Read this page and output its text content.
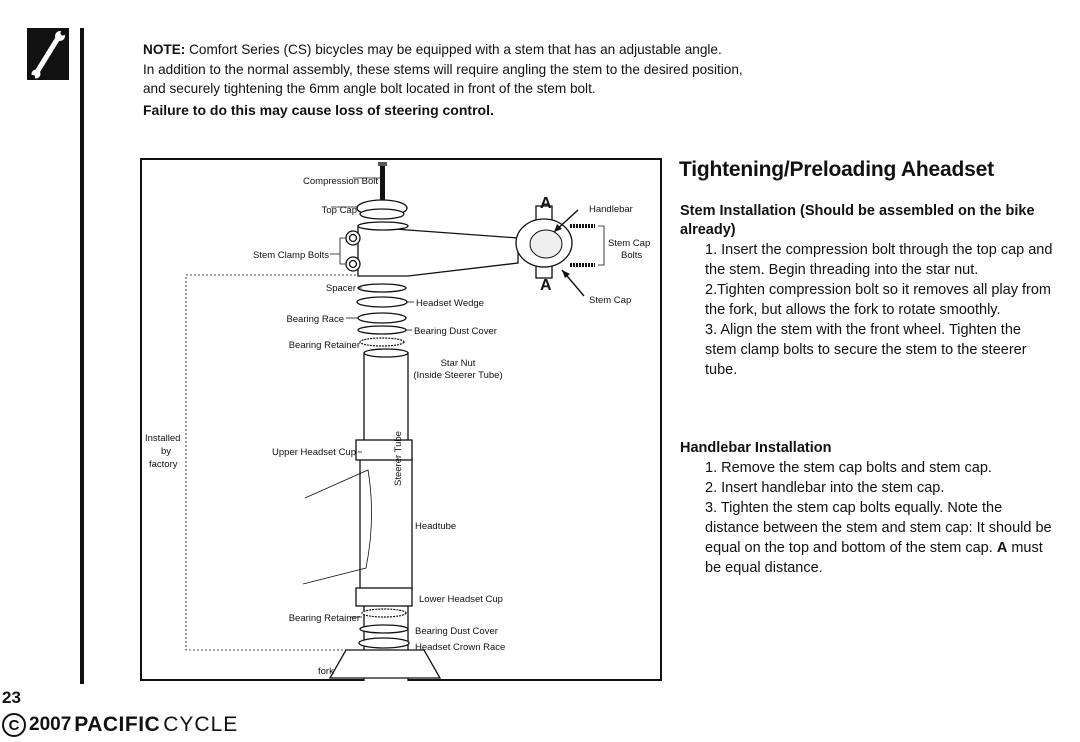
NOTE: Comfort Series (CS) bicycles may be equipped with a stem that has an adjustable angle.
In addition to the normal assembly, these stems will require angling the stem to the desired position,
and securely tightening the 6mm angle bolt located in front of the stem bolt.
Failure to do this may cause loss of steering control.
Compression Bolt
Top Cap
Stem Clamp Bolts
Spacer
Headset Wedge
Bearing Race
Bearing Dust Cover
Bearing Retainer
Star Nut
(Inside Steerer Tube)
Installed
by
factory
Upper Headset Cup	Steerer Tube
Headtube
Lower Headset Cup
Bearing Retainer
Bearing Dust Cover
Headset Crown Race
fork
Handlebar
Stem Cap
Bolts
Stem Cap
A
A
Tightening/Preloading Aheadset
Stem Installation (Should be assembled on the bike already)
1. Insert the compression bolt through the top cap and the stem. Begin threading into the star nut.
2.Tighten compression bolt so it removes all play from the fork, but allows the fork to rotate smoothly.
3. Align the stem with the front wheel. Tighten the stem clamp bolts to secure the stem to the steerer tube.
Handlebar Installation
1. Remove the stem cap bolts and stem cap.
2. Insert handlebar into the stem cap.
3. Tighten the stem cap bolts equally. Note the distance between the stem and stem cap: It should be equal on the top and bottom of the stem cap. A must be equal distance.
23
C 2007 PACIFIC CYCLE
